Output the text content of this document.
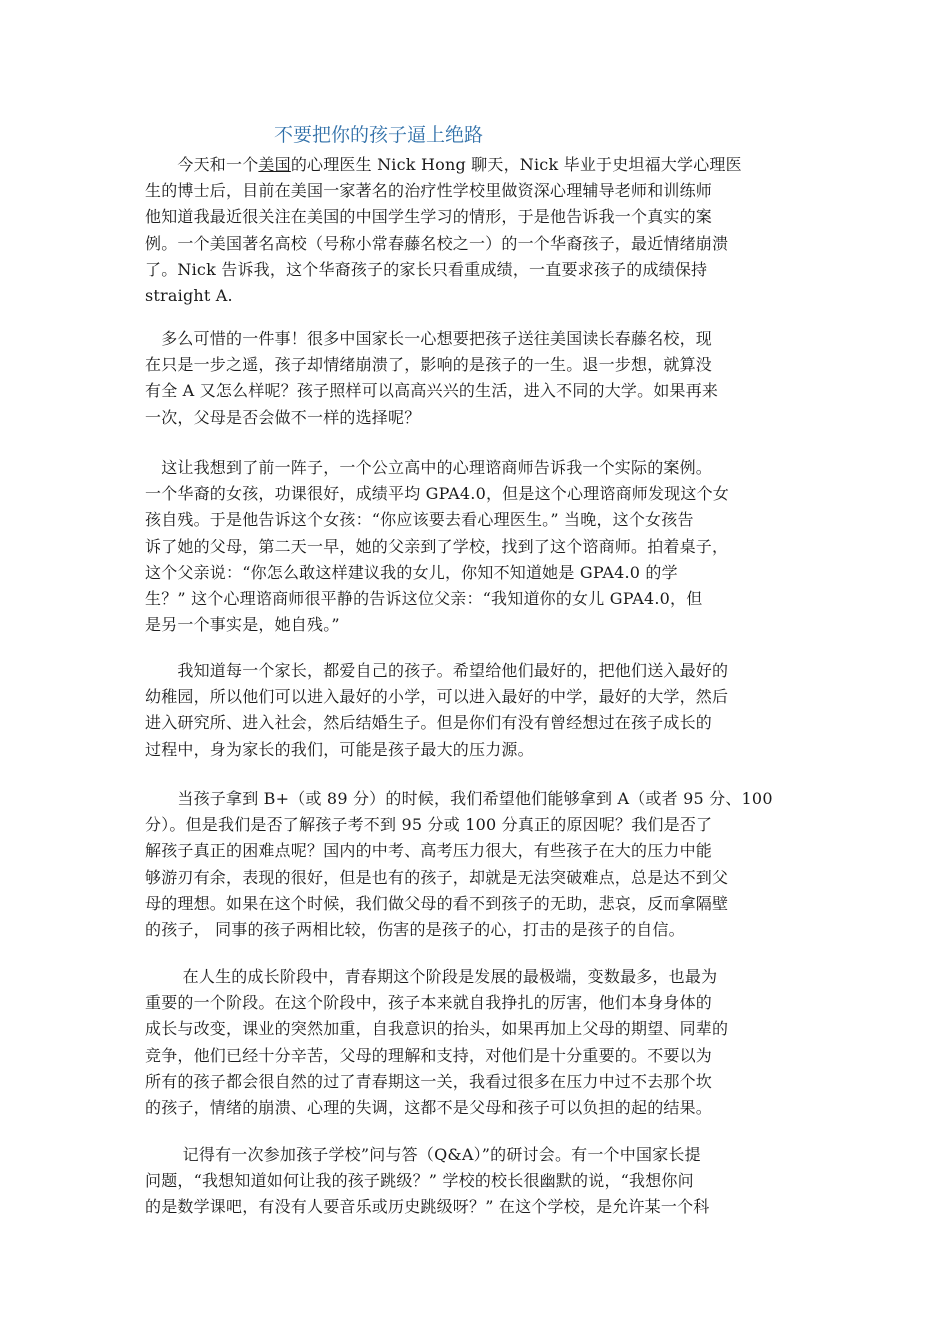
不要把你的孩子逼上绝路
　　今天和一个美国的心理医生 Nick Hong 聊天，Nick 毕业于史坦福大学心理医
生的博士后，目前在美国一家著名的治疗性学校里做资深心理辅导老师和训练师
他知道我最近很关注在美国的中国学生学习的情形，于是他告诉我一个真实的案
例。一个美国著名高校（号称小常春藤名校之一）的一个华裔孩子，最近情绪崩溃
了。Nick 告诉我，这个华裔孩子的家长只看重成绩，一直要求孩子的成绩保持
straight A.
　多么可惜的一件事！很多中国家长一心想要把孩子送往美国读长春藤名校，现
在只是一步之遥，孩子却情绪崩溃了，影响的是孩子的一生。退一步想，就算没
有全 A 又怎么样呢？孩子照样可以高高兴兴的生活，进入不同的大学。如果再来
一次，父母是否会做不一样的选择呢？
　这让我想到了前一阵子，一个公立高中的心理谘商师告诉我一个实际的案例。
一个华裔的女孩，功课很好，成绩平均 GPA4.0，但是这个心理谘商师发现这个女
孩自残。于是他告诉这个女孩：“你应该要去看心理医生。” 当晚，这个女孩告
诉了她的父母，第二天一早，她的父亲到了学校，找到了这个谘商师。拍着桌子，
这个父亲说：“你怎么敢这样建议我的女儿，你知不知道她是 GPA4.0 的学
生？” 这个心理谘商师很平静的告诉这位父亲：“我知道你的女儿 GPA4.0，但
是另一个事实是，她自残。”
　　我知道每一个家长，都爱自己的孩子。希望给他们最好的，把他们送入最好的
幼稚园，所以他们可以进入最好的小学，可以进入最好的中学，最好的大学，然后
进入研究所、进入社会，然后结婚生子。但是你们有没有曾经想过在孩子成长的
过程中，身为家长的我们，可能是孩子最大的压力源。
　　当孩子拿到 B+（或 89 分）的时候，我们希望他们能够拿到 A（或者 95 分、100
分）。但是我们是否了解孩子考不到 95 分或 100 分真正的原因呢？我们是否了
解孩子真正的困难点呢？国内的中考、高考压力很大，有些孩子在大的压力中能
够游刃有余，表现的很好，但是也有的孩子，却就是无法突破难点，总是达不到父
母的理想。如果在这个时候，我们做父母的看不到孩子的无助，悲哀，反而拿隔壁
的孩子， 同事的孩子两相比较，伤害的是孩子的心，打击的是孩子的自信。
　　 在人生的成长阶段中，青春期这个阶段是发展的最极端，变数最多，也最为
重要的一个阶段。在这个阶段中，孩子本来就自我挣扎的厉害，他们本身身体的
成长与改变，课业的突然加重，自我意识的抬头，如果再加上父母的期望、同辈的
竞争，他们已经十分辛苦，父母的理解和支持，对他们是十分重要的。不要以为
所有的孩子都会很自然的过了青春期这一关，我看过很多在压力中过不去那个坎
的孩子，情绪的崩溃、心理的失调，这都不是父母和孩子可以负担的起的结果。
　　 记得有一次参加孩子学校”问与答（Q&A）”的研讨会。有一个中国家长提
问题，“我想知道如何让我的孩子跳级？” 学校的校长很幽默的说，“我想你问
的是数学课吧，有没有人要音乐或历史跳级呀？” 在这个学校，是允许某一个科
